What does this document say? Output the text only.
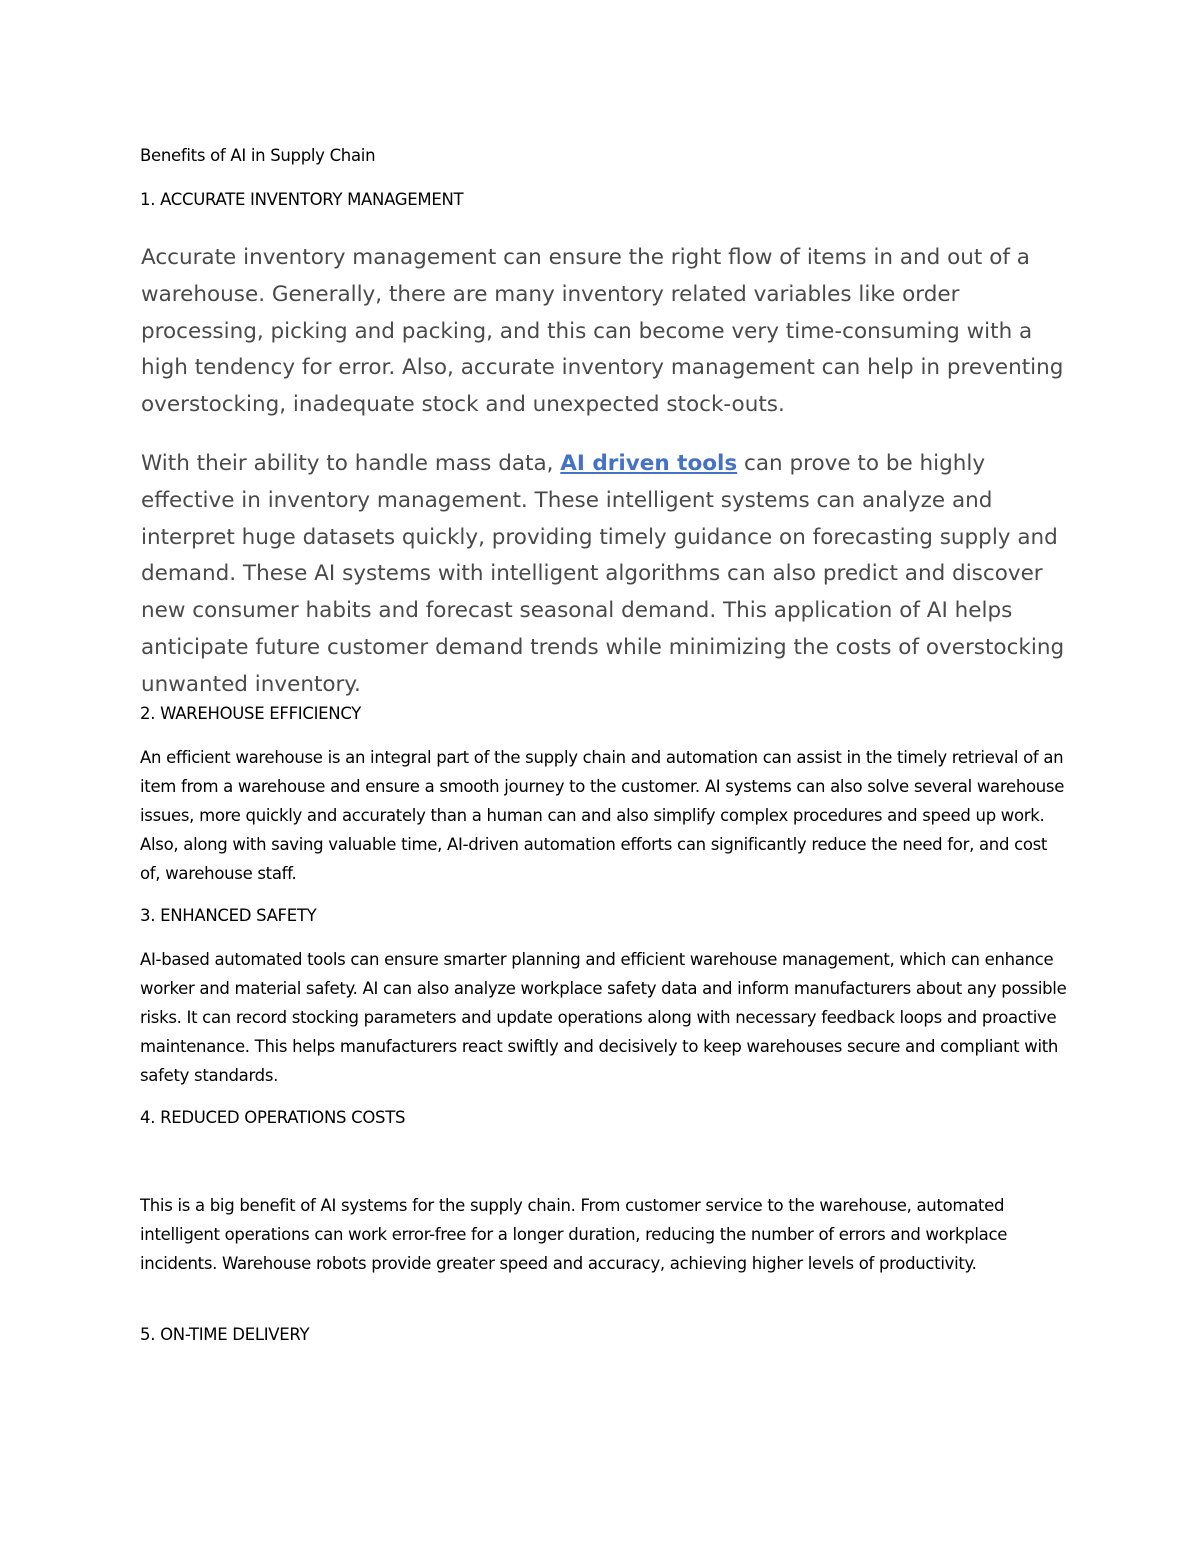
Benefits of AI in Supply Chain

1. ACCURATE INVENTORY MANAGEMENT

Accurate inventory management can ensure the right flow of items in and out of a warehouse. Generally, there are many inventory related variables like order processing, picking and packing, and this can become very time-consuming with a high tendency for error. Also, accurate inventory management can help in preventing overstocking, inadequate stock and unexpected stock-outs.

With their ability to handle mass data, AI driven tools can prove to be highly effective in inventory management. These intelligent systems can analyze and interpret huge datasets quickly, providing timely guidance on forecasting supply and demand. These AI systems with intelligent algorithms can also predict and discover new consumer habits and forecast seasonal demand. This application of AI helps anticipate future customer demand trends while minimizing the costs of overstocking unwanted inventory.

2. WAREHOUSE EFFICIENCY

An efficient warehouse is an integral part of the supply chain and automation can assist in the timely retrieval of an item from a warehouse and ensure a smooth journey to the customer. AI systems can also solve several warehouse issues, more quickly and accurately than a human can and also simplify complex procedures and speed up work. Also, along with saving valuable time, AI-driven automation efforts can significantly reduce the need for, and cost of, warehouse staff.

3. ENHANCED SAFETY

AI-based automated tools can ensure smarter planning and efficient warehouse management, which can enhance worker and material safety. AI can also analyze workplace safety data and inform manufacturers about any possible risks. It can record stocking parameters and update operations along with necessary feedback loops and proactive maintenance. This helps manufacturers react swiftly and decisively to keep warehouses secure and compliant with safety standards.

4. REDUCED OPERATIONS COSTS

This is a big benefit of AI systems for the supply chain. From customer service to the warehouse, automated intelligent operations can work error-free for a longer duration, reducing the number of errors and workplace incidents. Warehouse robots provide greater speed and accuracy, achieving higher levels of productivity.

5. ON-TIME DELIVERY
